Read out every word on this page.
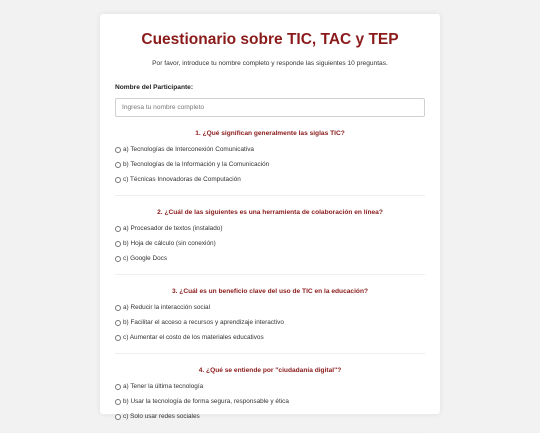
Cuestionario sobre TIC, TAC y TEP

Por favor, introduce tu nombre completo y responde las siguientes 10 preguntas.

Nombre del Participante:
Ingresa tu nombre completo
1. ¿Qué significan generalmente las siglas TIC?
a) Tecnologías de Interconexión Comunicativa
b) Tecnologías de la Información y la Comunicación
c) Técnicas Innovadoras de Computación
2. ¿Cuál de las siguientes es una herramienta de colaboración en línea?
a) Procesador de textos (instalado)
b) Hoja de cálculo (sin conexión)
c) Google Docs
3. ¿Cuál es un beneficio clave del uso de TIC en la educación?
a) Reducir la interacción social
b) Facilitar el acceso a recursos y aprendizaje interactivo
c) Aumentar el costo de los materiales educativos
4. ¿Qué se entiende por "ciudadanía digital"?
a) Tener la última tecnología
b) Usar la tecnología de forma segura, responsable y ética
c) Solo usar redes sociales
